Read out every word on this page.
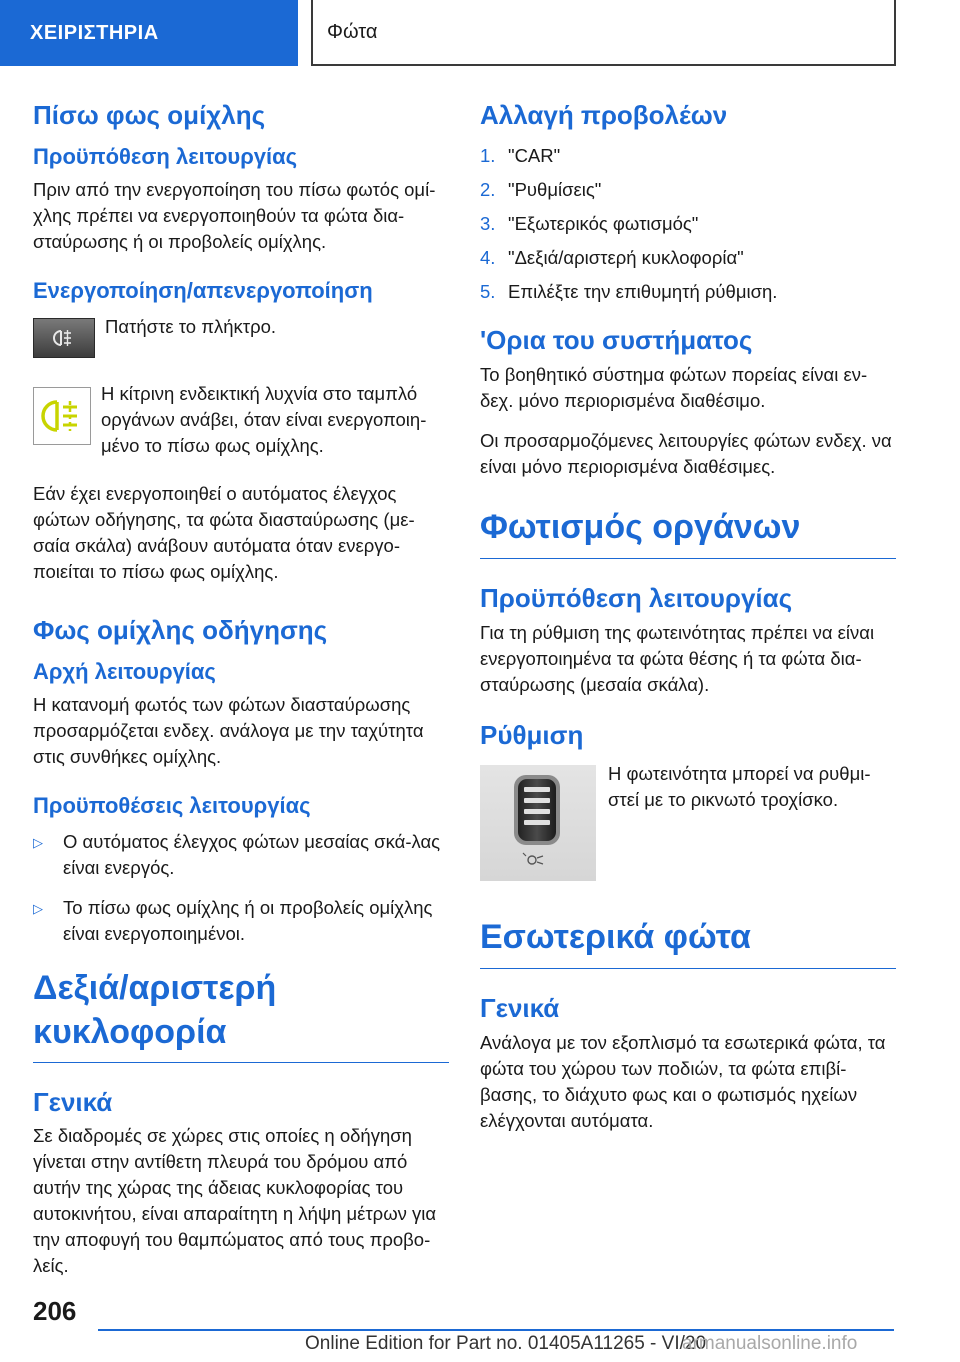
ΧΕΙΡΙΣΤΗΡΙΑ	Φώτα
Πίσω φως ομίχλης
Προϋπόθεση λειτουργίας
Πριν από την ενεργοποίηση του πίσω φωτός ομί-χλης πρέπει να ενεργοποιηθούν τα φώτα δια-σταύρωσης ή οι προβολείς ομίχλης.
Ενεργοποίηση/απενεργοποίηση
Πατήστε το πλήκτρο.
Η κίτρινη ενδεικτική λυχνία στο ταμπλό οργάνων ανάβει, όταν είναι ενεργοποιη-μένο το πίσω φως ομίχλης.
Εάν έχει ενεργοποιηθεί ο αυτόματος έλεγχος φώτων οδήγησης, τα φώτα διασταύρωσης (με-σαία σκάλα) ανάβουν αυτόματα όταν ενεργο-ποιείται το πίσω φως ομίχλης.
Φως ομίχλης οδήγησης
Αρχή λειτουργίας
Η κατανομή φωτός των φώτων διασταύρωσης προσαρμόζεται ενδεχ. ανάλογα με την ταχύτητα στις συνθήκες ομίχλης.
Προϋποθέσεις λειτουργίας
▷	Ο αυτόματος έλεγχος φώτων μεσαίας σκά-λας είναι ενεργός.
▷	Το πίσω φως ομίχλης ή οι προβολείς ομίχλης είναι ενεργοποιημένοι.
Δεξιά/αριστερή κυκλοφορία
Γενικά
Σε διαδρομές σε χώρες στις οποίες η οδήγηση γίνεται στην αντίθετη πλευρά του δρόμου από αυτήν της χώρας της άδειας κυκλοφορίας του αυτοκινήτου, είναι απαραίτητη η λήψη μέτρων για την αποφυγή του θαμπώματος από τους προβο-λείς.
Αλλαγή προβολέων
1. "CAR"
2. "Ρυθμίσεις"
3. "Εξωτερικός φωτισμός"
4. "Δεξιά/αριστερή κυκλοφορία"
5. Επιλέξτε την επιθυμητή ρύθμιση.
'Ορια του συστήματος
Το βοηθητικό σύστημα φώτων πορείας είναι εν-δεχ. μόνο περιορισμένα διαθέσιμο.
Οι προσαρμοζόμενες λειτουργίες φώτων ενδεχ. να είναι μόνο περιορισμένα διαθέσιμες.
Φωτισμός οργάνων
Προϋπόθεση λειτουργίας
Για τη ρύθμιση της φωτεινότητας πρέπει να είναι ενεργοποιημένα τα φώτα θέσης ή τα φώτα δια-σταύρωσης (μεσαία σκάλα).
Ρύθμιση
Η φωτεινότητα μπορεί να ρυθμι-στεί με το ρικνωτό τροχίσκο.
Εσωτερικά φώτα
Γενικά
Ανάλογα με τον εξοπλισμό τα εσωτερικά φώτα, τα φώτα του χώρου των ποδιών, τα φώτα επιβί-βασης, το διάχυτο φως και ο φωτισμός ηχείων ελέγχονται αυτόματα.
206
Online Edition for Part no. 01405A11265 - VI/20
armanualsonline.info
